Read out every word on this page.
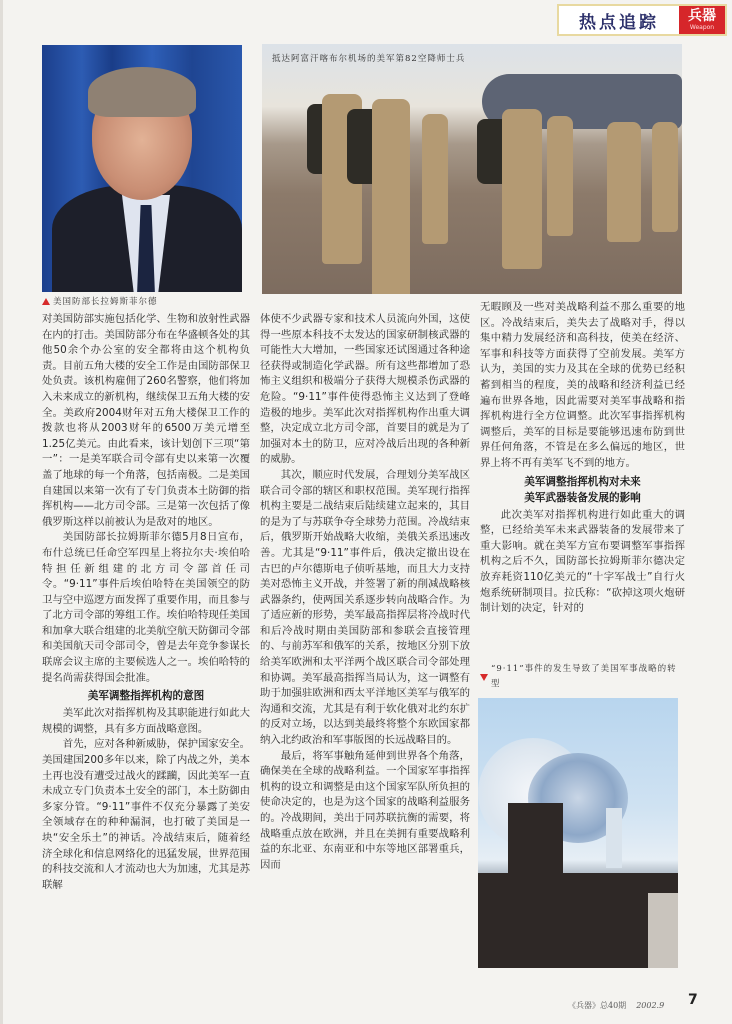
热点追踪	兵器
Weapon
美国防部长拉姆斯菲尔德
抵达阿富汗喀布尔机场的美军第82空降师士兵

对美国防部实施包括化学、生物和放射性武器在内的打击。美国防部分布在华盛顿各处的其他50余个办公室的安全都将由这个机构负责。目前五角大楼的安全工作是由国防部保卫处负责。该机构雇佣了260名警察，他们将加入未来成立的新机构，继续保卫五角大楼的安全。美政府2004财年对五角大楼保卫工作的拨款也将从2003财年的6500万美元增至1.25亿美元。由此看来，该计划创下三项“第一”：一是美军联合司令部有史以来第一次覆盖了地球的每一个角落，包括南极。二是美国自建国以来第一次有了专门负责本土防御的指挥机构——北方司令部。三是第一次包括了像俄罗斯这样以前被认为是敌对的地区。

美国防部长拉姆斯菲尔德5月8日宣布，布什总统已任命空军四星上将拉尔夫·埃伯哈特担任新组建的北方司令部首任司令。“9·11”事件后埃伯哈特在美国领空的防卫与空中巡逻方面发挥了重要作用，而且参与了北方司令部的筹组工作。埃伯哈特现任美国和加拿大联合组建的北美航空航天防御司令部和美国航天司令部司令，曾是去年竞争参谋长联席会议主席的主要候选人之一。埃伯哈特的提名尚需获得国会批准。

美军调整指挥机构的意图

美军此次对指挥机构及其职能进行如此大规模的调整，具有多方面战略意图。

首先，应对各种新威胁，保护国家安全。美国建国200多年以来，除了内战之外，美本土再也没有遭受过战火的蹂躏，因此美军一直未成立专门负责本土安全的部门，本土防御由多家分管。“9·11”事件不仅充分暴露了美安全领域存在的种种漏洞，也打破了美国是一块“安全乐土”的神话。冷战结束后，随着经济全球化和信息网络化的迅猛发展，世界范围的科技交流和人才流动也大为加速，尤其是苏联解

体使不少武器专家和技术人员流向外国，这使得一些原本科技不太发达的国家研制核武器的可能性大大增加，一些国家还试图通过各种途径获得或制造化学武器。所有这些都增加了恐怖主义组织和极端分子获得大规模杀伤武器的危险。“9·11”事件使得恐怖主义达到了登峰造极的地步。美军此次对指挥机构作出重大调整，决定成立北方司令部，首要目的就是为了加强对本土的防卫，应对冷战后出现的各种新的威胁。

其次，顺应时代发展，合理划分美军战区联合司令部的辖区和职权范围。美军现行指挥机构主要是二战结束后陆续建立起来的，其目的是为了与苏联争夺全球势力范围。冷战结束后，俄罗斯开始战略大收缩，美俄关系迅速改善。尤其是“9·11”事件后，俄决定撤出设在古巴的卢尔德斯电子侦听基地，而且大力支持美对恐怖主义开战，并签署了新的削减战略核武器条约，使两国关系逐步转向战略合作。为了适应新的形势，美军最高指挥层将冷战时代和后冷战时期由美国防部和参联会直接管理的、与前苏军和俄军的关系，按地区分别下放给美军欧洲和太平洋两个战区联合司令部处理和协调。美军最高指挥当局认为，这一调整有助于加强驻欧洲和西太平洋地区美军与俄军的沟通和交流，尤其是有利于软化俄对北约东扩的反对立场，以达到美最终将整个东欧国家都纳入北约政治和军事版图的长远战略目的。

最后，将军事触角延伸到世界各个角落，确保美在全球的战略利益。一个国家军事指挥机构的设立和调整是由这个国家军队所负担的使命决定的，也是为这个国家的战略利益服务的。冷战期间，美出于同苏联抗衡的需要，将战略重点放在欧洲，并且在美拥有重要战略利益的东北亚、东南亚和中东等地区部署重兵，因而

无暇顾及一些对美战略利益不那么重要的地区。冷战结束后，美失去了战略对手，得以集中精力发展经济和高科技，使美在经济、军事和科技等方面获得了空前发展。美军方认为，美国的实力及其在全球的优势已经积蓄到相当的程度，美的战略和经济利益已经遍布世界各地，因此需要对美军事战略和指挥机构进行全方位调整。此次军事指挥机构调整后，美军的目标是要能够迅速布防到世界任何角落，不管是在多么偏远的地区，世界上将不再有美军飞不到的地方。

美军调整指挥机构对未来
美军武器装备发展的影响

此次美军对指挥机构进行如此重大的调整，已经给美军未来武器装备的发展带来了重大影响。就在美军方宣布要调整军事指挥机构之后不久，国防部长拉姆斯菲尔德决定放弃耗资110亿美元的“十字军战士”自行火炮系统研制项目。拉氏称：“砍掉这项火炮研制计划的决定，针对的

“9·11”事件的发生导致了美国军事战略的转型
《兵器》总40期 2002.9 7
